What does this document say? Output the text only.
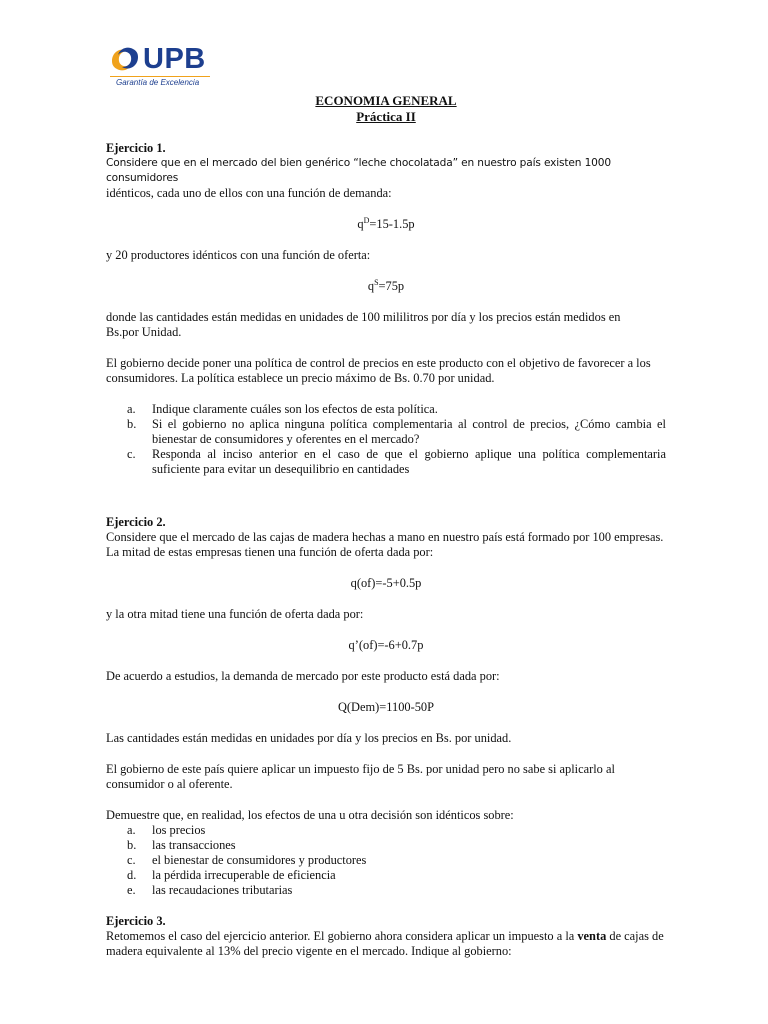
UPB
Garantía de Excelencia

ECONOMIA GENERAL

Práctica II

Ejercicio 1.

Considere que en el mercado del bien genérico “leche chocolatada” en nuestro país existen 1000 consumidores

idénticos, cada uno de ellos con una función de demanda:

$q^D=15-1.5p$

y 20 productores idénticos con una función de oferta:

$q^S=75p$

donde las cantidades están medidas en unidades de 100 mililitros por día y los precios están medidos en Bs.por Unidad.

El gobierno decide poner una política de control de precios en este producto con el objetivo de favorecer a los consumidores. La política establece un precio máximo de Bs. 0.70 por unidad.

a. Indique claramente cuáles son los efectos de esta política.
b. Si el gobierno no aplica ninguna política complementaria al control de precios, ¿Cómo cambia el bienestar de consumidores y oferentes en el mercado?
c. Responda al inciso anterior en el caso de que el gobierno aplique una política complementaria suficiente para evitar un desequilibrio en cantidades

Ejercicio 2.

Considere que el mercado de las cajas de madera hechas a mano en nuestro país está formado por 100 empresas. La mitad de estas empresas tienen una función de oferta dada por:

q(of)=-5+0.5p

y la otra mitad tiene una función de oferta dada por:

q’(of)=-6+0.7p

De acuerdo a estudios, la demanda de mercado por este producto está dada por:

Q(Dem)=1100-50P

Las cantidades están medidas en unidades por día y los precios en Bs. por unidad.

El gobierno de este país quiere aplicar un impuesto fijo de 5 Bs. por unidad pero no sabe si aplicarlo al consumidor o al oferente.

Demuestre que, en realidad, los efectos de una u otra decisión son idénticos sobre:

a. los precios
b. las transacciones
c. el bienestar de consumidores y productores
d. la pérdida irrecuperable de eficiencia
e. las recaudaciones tributarias

Ejercicio 3.

Retomemos el caso del ejercicio anterior. El gobierno ahora considera aplicar un impuesto a la venta de cajas de madera equivalente al 13% del precio vigente en el mercado. Indique al gobierno:
